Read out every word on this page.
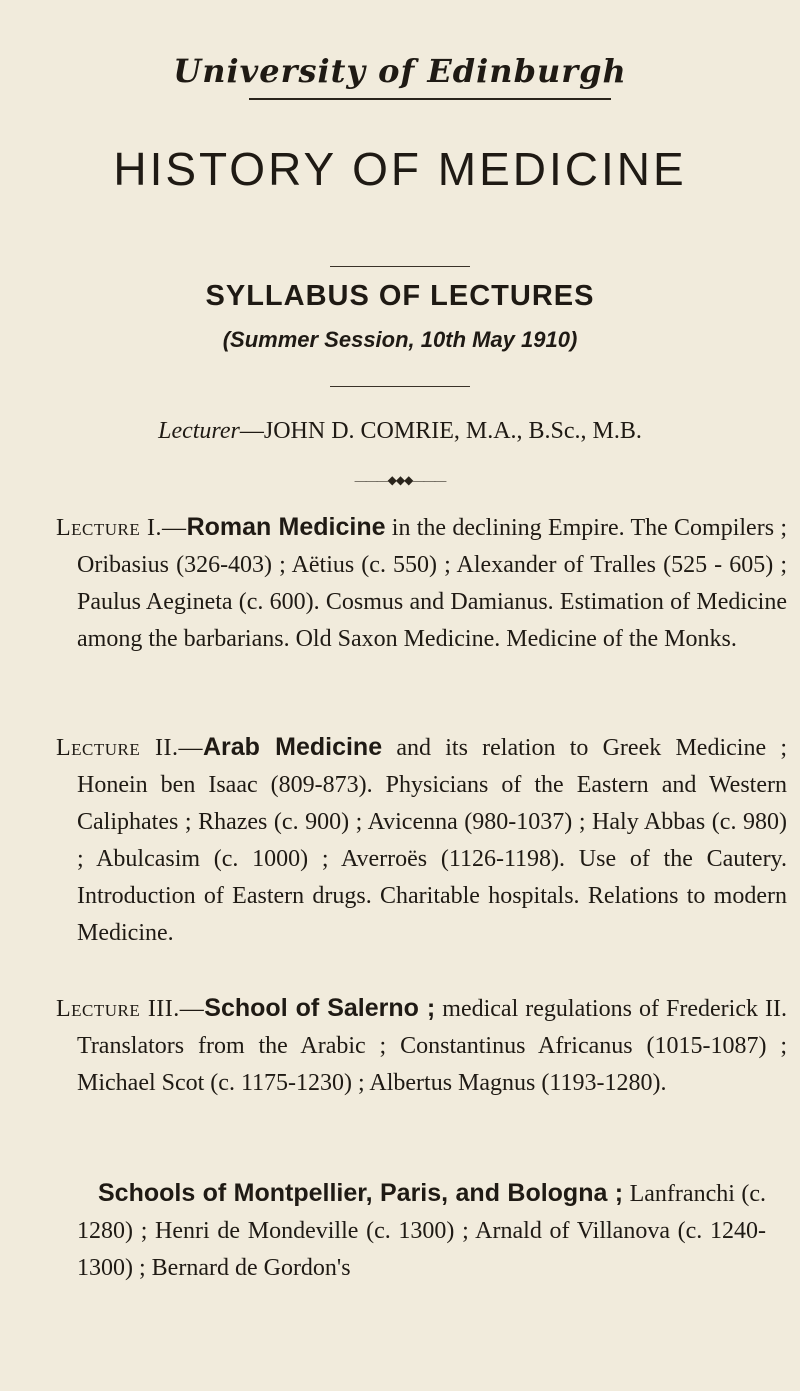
University of Edinburgh
HISTORY OF MEDICINE
SYLLABUS OF LECTURES
(Summer Session, 10th May 1910)
Lecturer—JOHN D. COMRIE, M.A., B.Sc., M.B.
———◆◆◆———

Lecture I.—Roman Medicine in the declining Empire. The Compilers ; Oribasius (326-403) ; Aëtius (c. 550) ; Alexander of Tralles (525 - 605) ; Paulus Aegineta (c. 600). Cosmus and Damianus. Estimation of Medicine among the barbarians. Old Saxon Medicine. Medicine of the Monks.

Lecture II.—Arab Medicine and its relation to Greek Medicine ; Honein ben Isaac (809-873). Physicians of the Eastern and Western Caliphates ; Rhazes (c. 900) ; Avicenna (980-1037) ; Haly Abbas (c. 980) ; Abulcasim (c. 1000) ; Averroës (1126-1198). Use of the Cautery. Introduction of Eastern drugs. Charitable hospitals. Relations to modern Medicine.

Lecture III.—School of Salerno ; medical regulations of Frederick II. Translators from the Arabic ; Constantinus Africanus (1015-1087) ; Michael Scot (c. 1175-1230) ; Albertus Magnus (1193-1280).

Schools of Montpellier, Paris, and Bologna ; Lanfranchi (c. 1280) ; Henri de Mondeville (c. 1300) ; Arnald of Villanova (c. 1240-1300) ; Bernard de Gordon's
